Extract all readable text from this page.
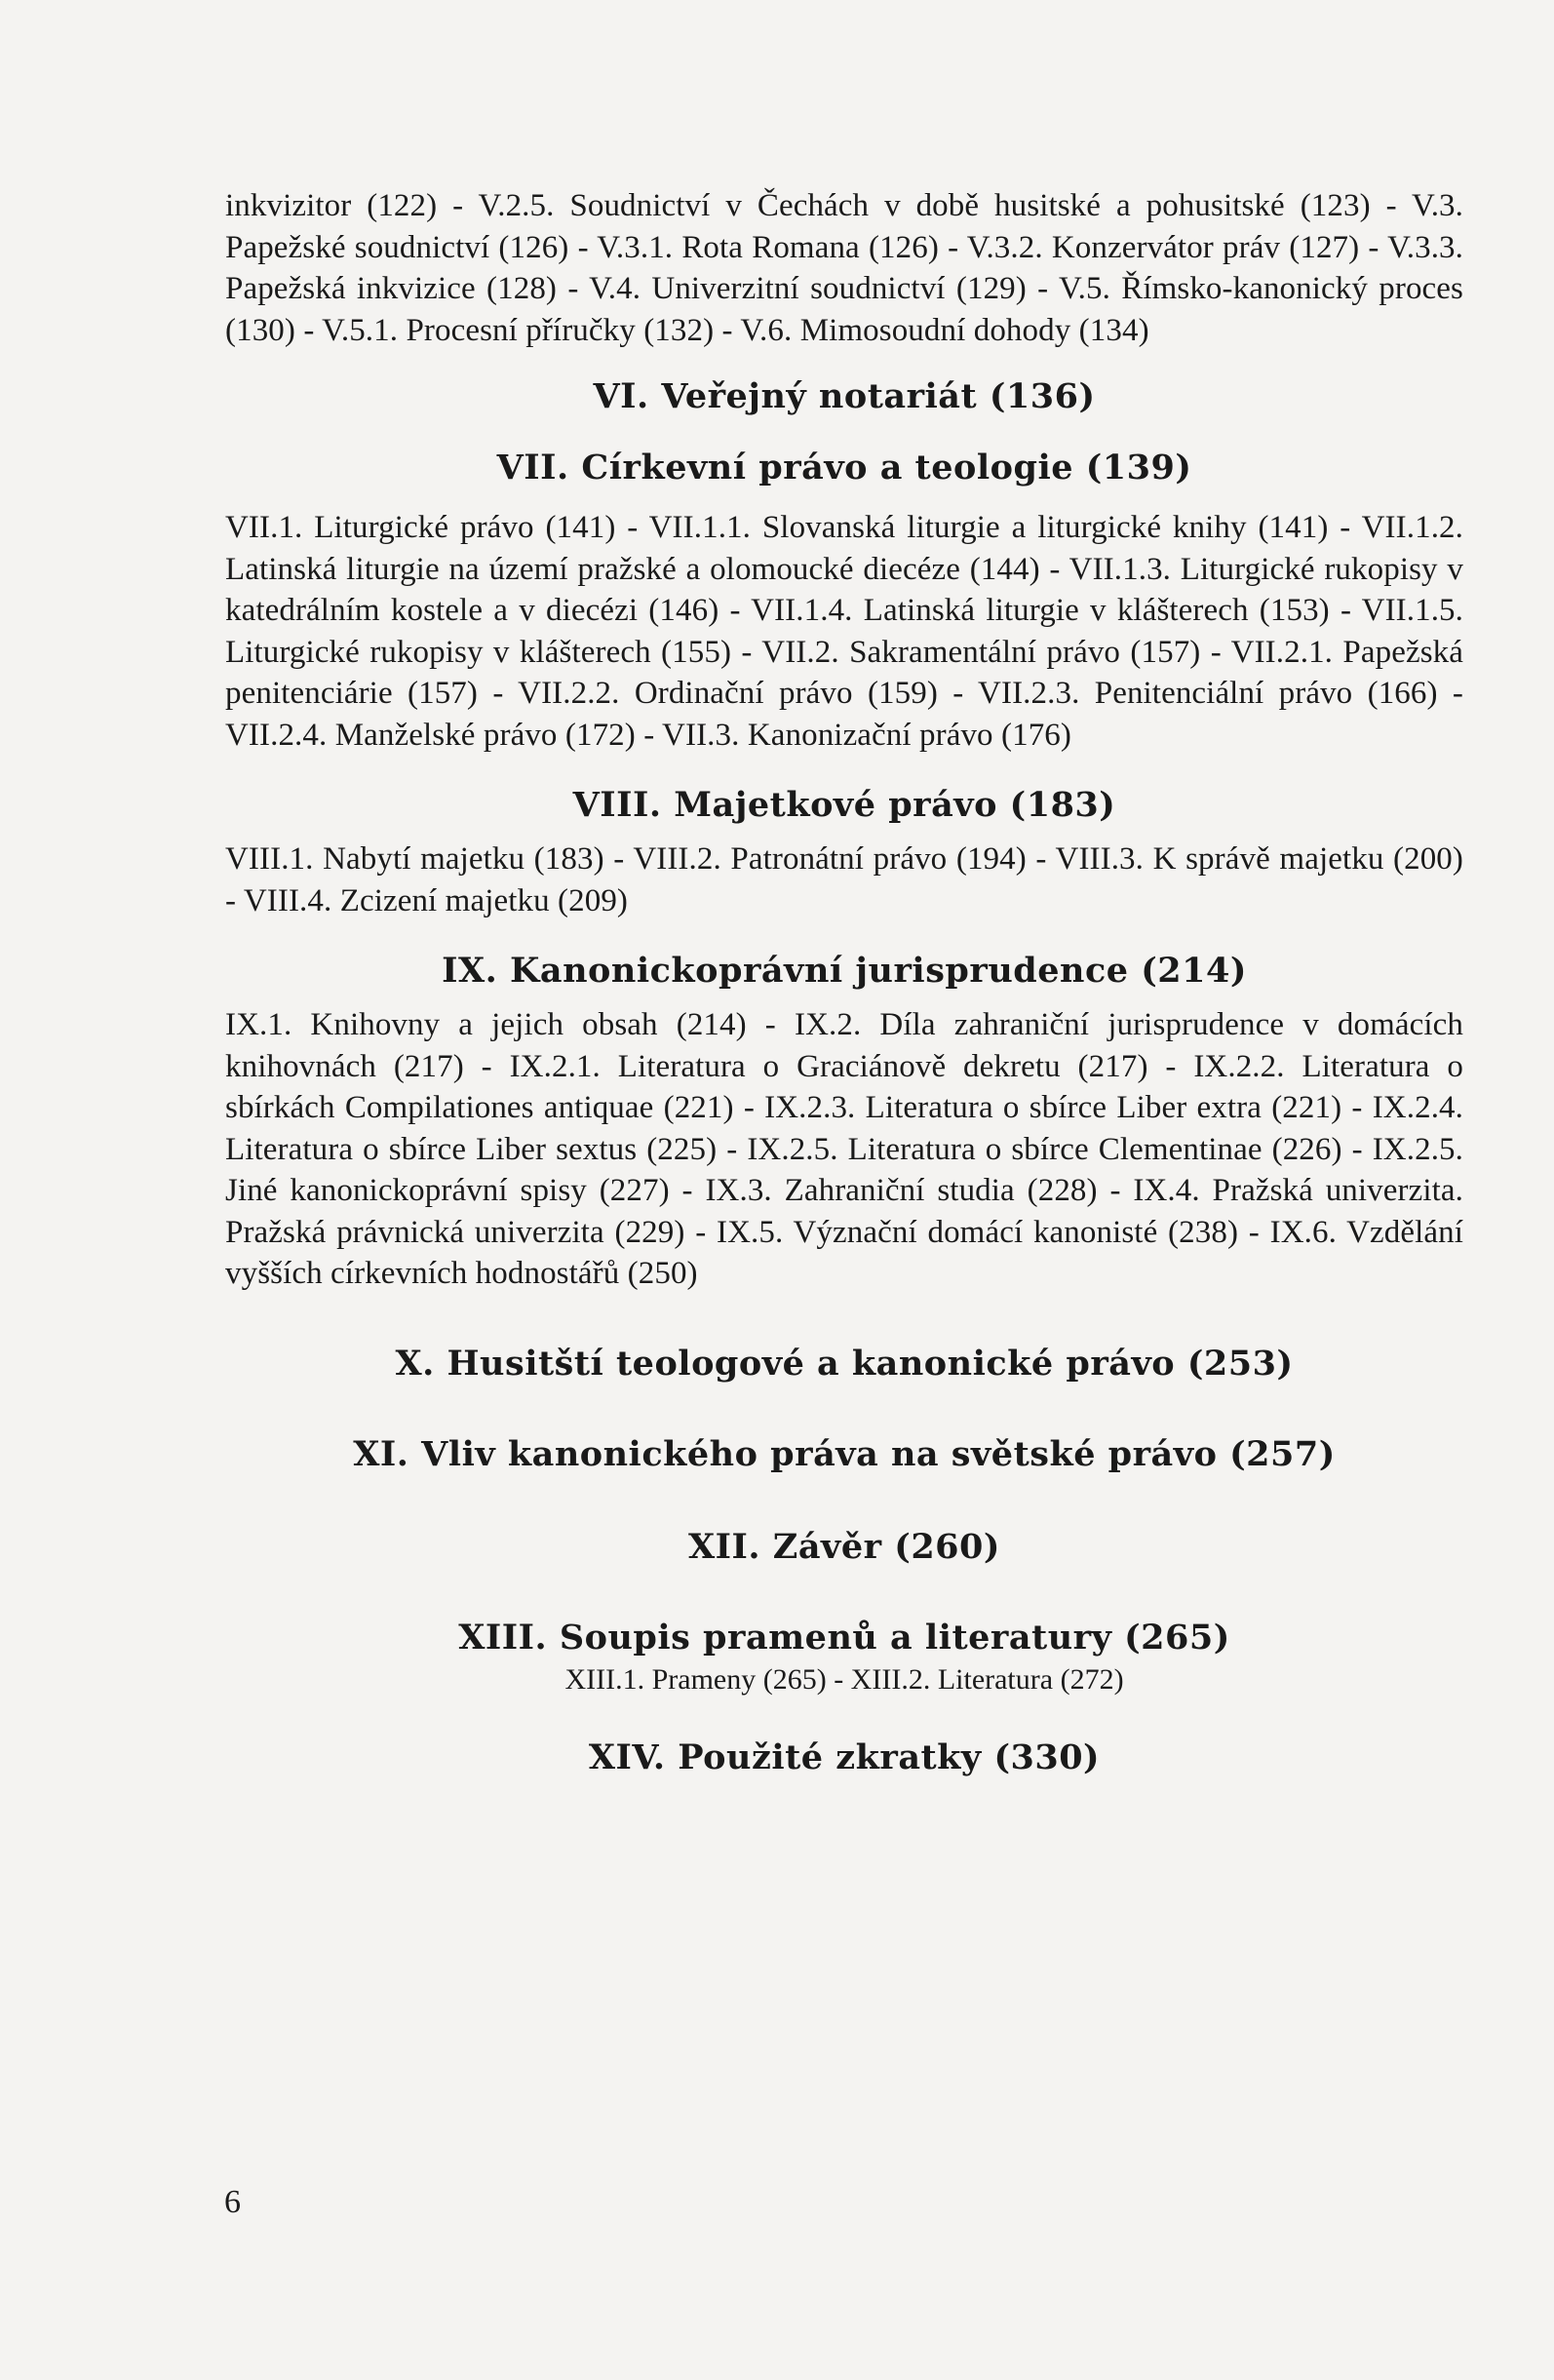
inkvizitor (122) - V.2.5. Soudnictví v Čechách v době husitské a pohusitské (123) - V.3. Papežské soudnictví (126) - V.3.1. Rota Romana (126) - V.3.2. Konzervátor práv (127) - V.3.3. Papežská inkvizice (128) - V.4. Univerzitní soudnictví (129) - V.5. Římsko-kanonický proces (130) - V.5.1. Procesní příručky (132) - V.6. Mimosoudní dohody (134)

VI. Veřejný notariát (136)
VII. Církevní právo a teologie (139)

VII.1. Liturgické právo (141) - VII.1.1. Slovanská liturgie a liturgické knihy (141) - VII.1.2. Latinská liturgie na území pražské a olomoucké diecéze (144) - VII.1.3. Liturgické rukopisy v katedrálním kostele a v diecézi (146) - VII.1.4. Latinská liturgie v klášterech (153) - VII.1.5. Liturgické rukopisy v klášterech (155) - VII.2. Sakramentální právo (157) - VII.2.1. Papežská penitenciárie (157) - VII.2.2. Ordinační právo (159) - VII.2.3. Penitenciální právo (166) - VII.2.4. Manželské právo (172) - VII.3. Kanonizační právo (176)

VIII. Majetkové právo (183)

VIII.1. Nabytí majetku (183) - VIII.2. Patronátní právo (194) - VIII.3. K správě majetku (200) - VIII.4. Zcizení majetku (209)

IX. Kanonickoprávní jurisprudence (214)

IX.1. Knihovny a jejich obsah (214) - IX.2. Díla zahraniční jurisprudence v domácích knihovnách (217) - IX.2.1. Literatura o Graciánově dekretu (217) - IX.2.2. Literatura o sbírkách Compilationes antiquae (221) - IX.2.3. Literatura o sbírce Liber extra (221) - IX.2.4. Literatura o sbírce Liber sextus (225) - IX.2.5. Literatura o sbírce Clementinae (226) - IX.2.5. Jiné kanonickoprávní spisy (227) - IX.3. Zahraniční studia (228) - IX.4. Pražská univerzita. Pražská právnická univerzita (229) - IX.5. Význační domácí kanonisté (238) - IX.6. Vzdělání vyšších církevních hodnostářů (250)

X. Husitští teologové a kanonické právo (253)
XI. Vliv kanonického práva na světské právo (257)
XII. Závěr (260)
XIII. Soupis pramenů a literatury (265)

XIII.1. Prameny (265) - XIII.2. Literatura (272)

XIV. Použité zkratky (330)
6
